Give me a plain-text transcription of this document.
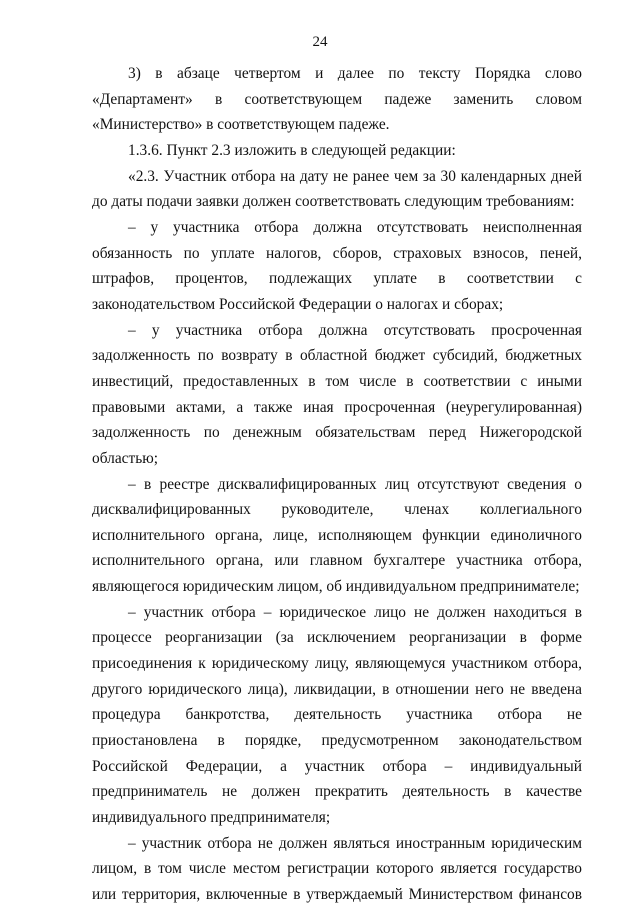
24

3) в абзаце четвертом и далее по тексту Порядка слово «Департамент» в соответствующем падеже заменить словом «Министерство» в соответствующем падеже.

1.3.6. Пункт 2.3 изложить в следующей редакции:

«2.3. Участник отбора на дату не ранее чем за 30 календарных дней до даты подачи заявки должен соответствовать следующим требованиям:

– у участника отбора должна отсутствовать неисполненная обязанность по уплате налогов, сборов, страховых взносов, пеней, штрафов, процентов, подлежащих уплате в соответствии с законодательством Российской Федерации о налогах и сборах;

– у участника отбора должна отсутствовать просроченная задолженность по возврату в областной бюджет субсидий, бюджетных инвестиций, предоставленных в том числе в соответствии с иными правовыми актами, а также иная просроченная (неурегулированная) задолженность по денежным обязательствам перед Нижегородской областью;

– в реестре дисквалифицированных лиц отсутствуют сведения о дисквалифицированных руководителе, членах коллегиального исполнительного органа, лице, исполняющем функции единоличного исполнительного органа, или главном бухгалтере участника отбора, являющегося юридическим лицом, об индивидуальном предпринимателе;

– участник отбора – юридическое лицо не должен находиться в процессе реорганизации (за исключением реорганизации в форме присоединения к юридическому лицу, являющемуся участником отбора, другого юридического лица), ликвидации, в отношении него не введена процедура банкротства, деятельность участника отбора не приостановлена в порядке, предусмотренном законодательством Российской Федерации, а участник отбора – индивидуальный предприниматель не должен прекратить деятельность в качестве индивидуального предпринимателя;

– участник отбора не должен являться иностранным юридическим лицом, в том числе местом регистрации которого является государство или территория, включенные в утверждаемый Министерством финансов
